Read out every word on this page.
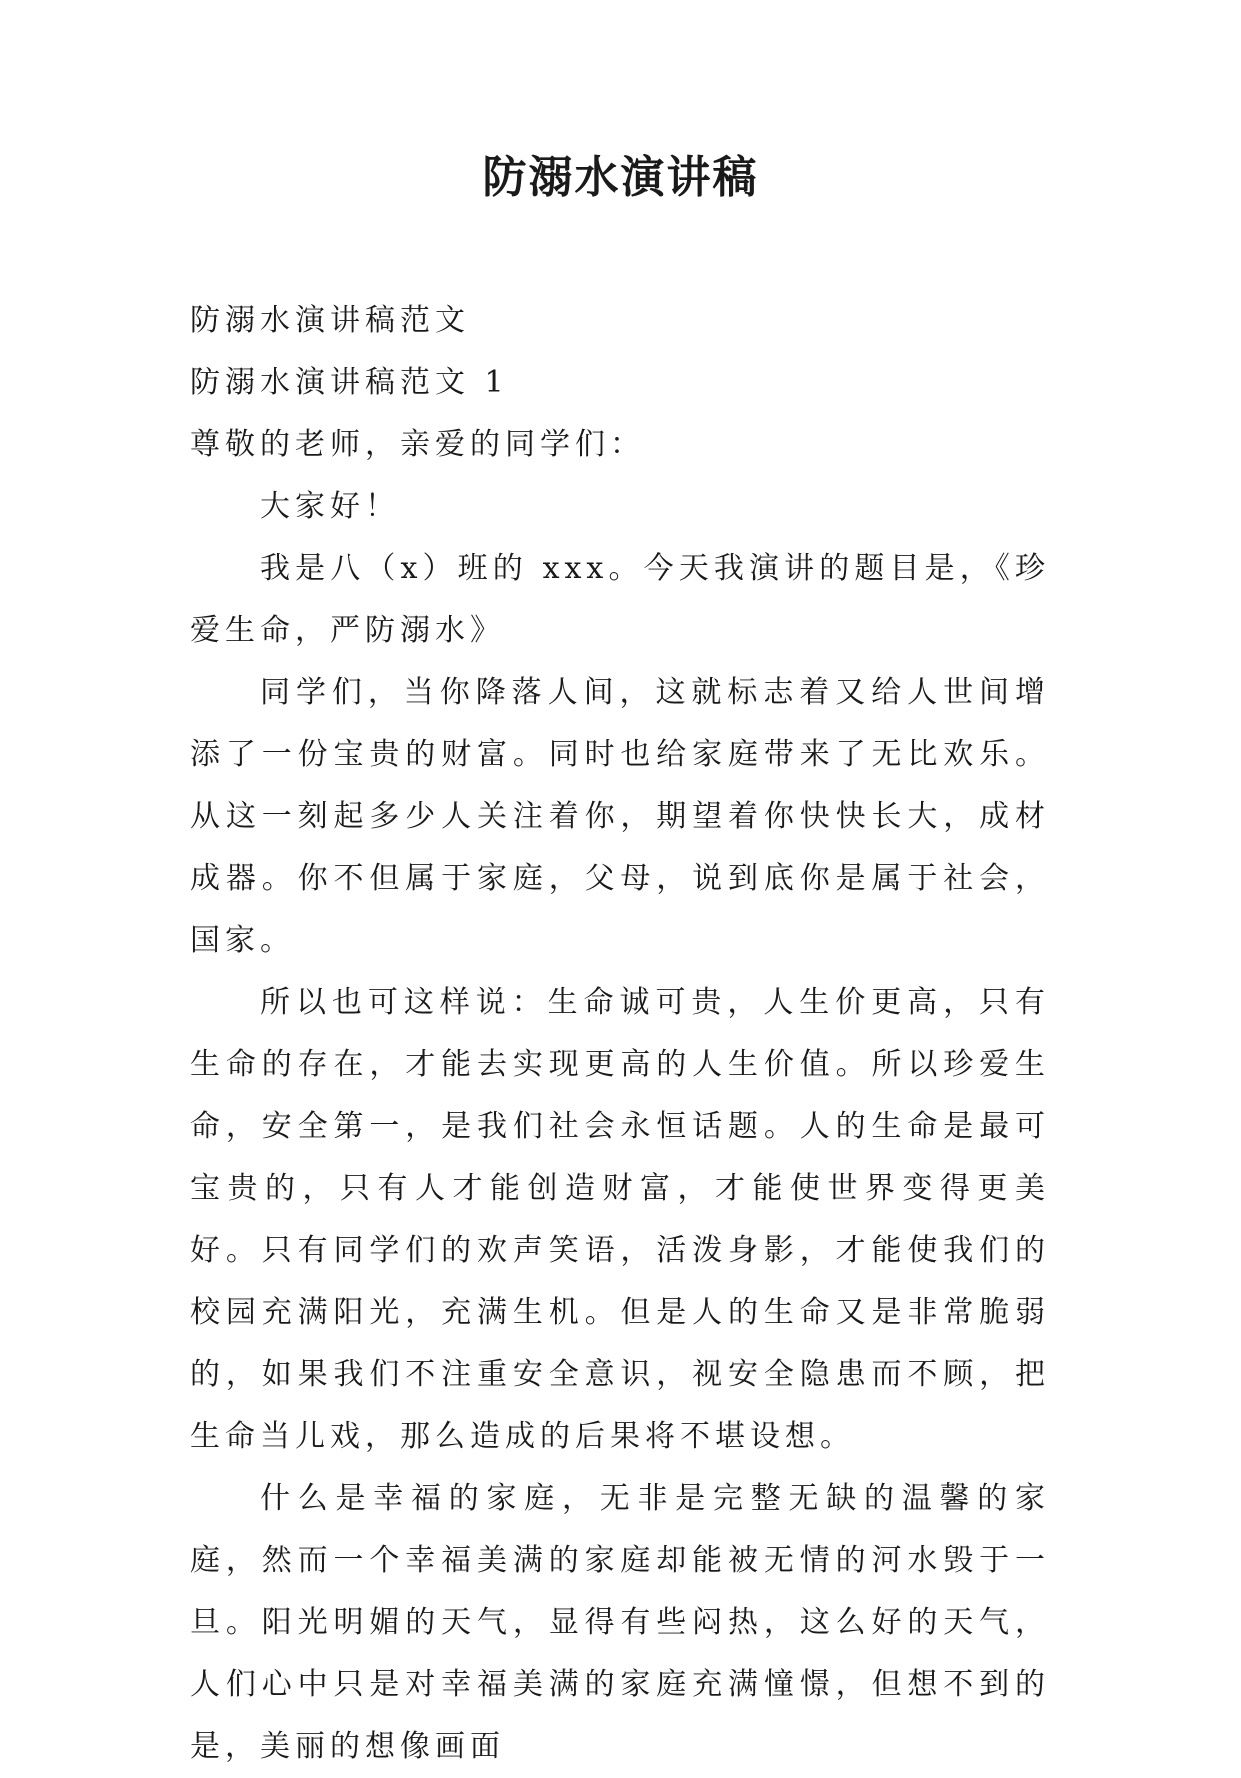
防溺水演讲稿
防溺水演讲稿范文
防溺水演讲稿范文 1
尊敬的老师，亲爱的同学们：

大家好！

我是八（x）班的 xxx。今天我演讲的题目是，《珍爱生命，严防溺水》

同学们，当你降落人间，这就标志着又给人世间增添了一份宝贵的财富。同时也给家庭带来了无比欢乐。从这一刻起多少人关注着你，期望着你快快长大，成材成器。你不但属于家庭，父母，说到底你是属于社会，国家。

所以也可这样说：生命诚可贵，人生价更高，只有生命的存在，才能去实现更高的人生价值。所以珍爱生命，安全第一，是我们社会永恒话题。人的生命是最可宝贵的，只有人才能创造财富，才能使世界变得更美好。只有同学们的欢声笑语，活泼身影，才能使我们的校园充满阳光，充满生机。但是人的生命又是非常脆弱的，如果我们不注重安全意识，视安全隐患而不顾，把生命当儿戏，那么造成的后果将不堪设想。

什么是幸福的家庭，无非是完整无缺的温馨的家庭，然而一个幸福美满的家庭却能被无情的河水毁于一旦。阳光明媚的天气，显得有些闷热，这么好的天气，人们心中只是对幸福美满的家庭充满憧憬，但想不到的是，美丽的想像画面
